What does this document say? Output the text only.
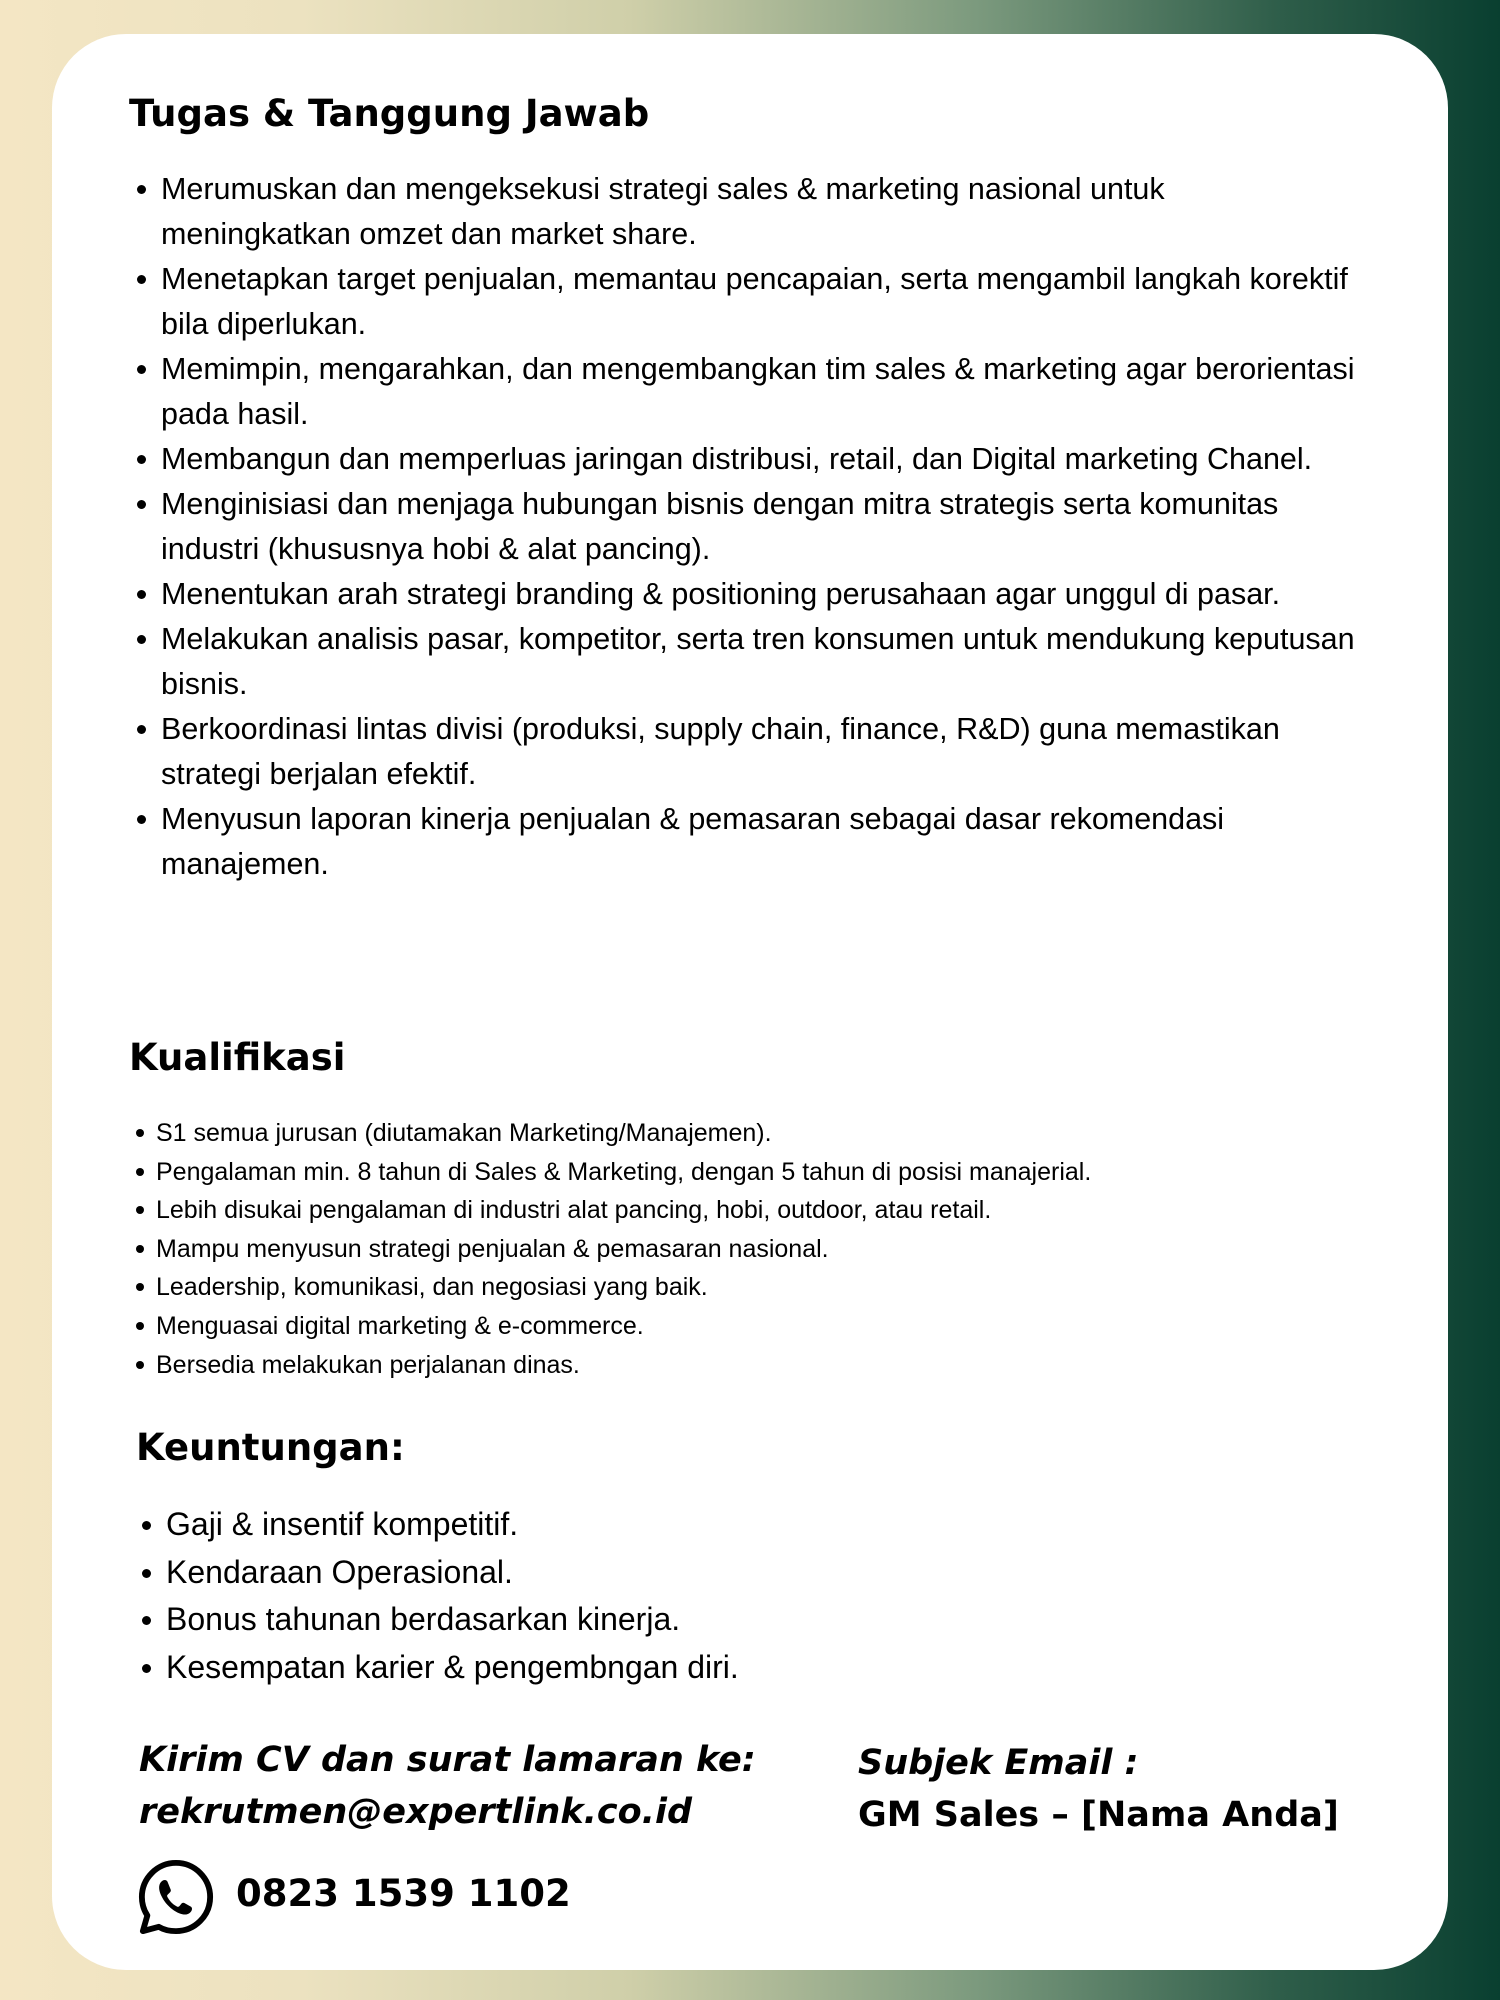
Tugas & Tanggung Jawab
Merumuskan dan mengeksekusi strategi sales & marketing nasional untuk meningkatkan omzet dan market share.
Menetapkan target penjualan, memantau pencapaian, serta mengambil langkah korektif bila diperlukan.
Memimpin, mengarahkan, dan mengembangkan tim sales & marketing agar berorientasi pada hasil.
Membangun dan memperluas jaringan distribusi, retail, dan Digital marketing Chanel.
Menginisiasi dan menjaga hubungan bisnis dengan mitra strategis serta komunitas industri (khususnya hobi & alat pancing).
Menentukan arah strategi branding & positioning perusahaan agar unggul di pasar.
Melakukan analisis pasar, kompetitor, serta tren konsumen untuk mendukung keputusan bisnis.
Berkoordinasi lintas divisi (produksi, supply chain, finance, R&D) guna memastikan strategi berjalan efektif.
Menyusun laporan kinerja penjualan & pemasaran sebagai dasar rekomendasi manajemen.
Kualifikasi
S1 semua jurusan (diutamakan Marketing/Manajemen).
Pengalaman min. 8 tahun di Sales & Marketing, dengan 5 tahun di posisi manajerial.
Lebih disukai pengalaman di industri alat pancing, hobi, outdoor, atau retail.
Mampu menyusun strategi penjualan & pemasaran nasional.
Leadership, komunikasi, dan negosiasi yang baik.
Menguasai digital marketing & e-commerce.
Bersedia melakukan perjalanan dinas.
Keuntungan:
Gaji & insentif kompetitif.
Kendaraan Operasional.
Bonus tahunan berdasarkan kinerja.
Kesempatan karier & pengembngan diri.

Kirim CV dan surat lamaran ke:
rekrutmen@expertlink.co.id

Subjek Email :
GM Sales – [Nama Anda]

0823 1539 1102
